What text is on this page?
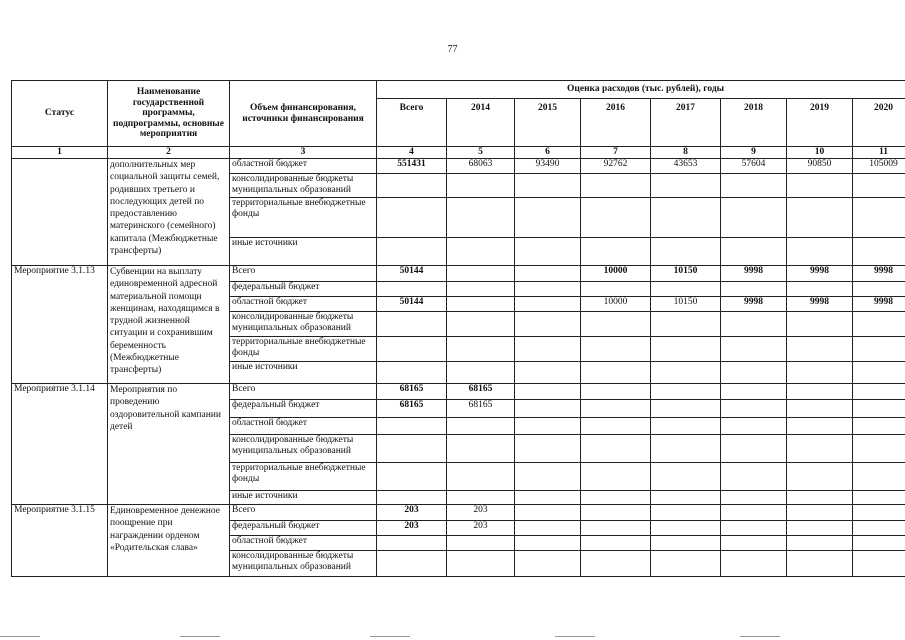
77
Статус	Наименование государственной программы, подпрограммы, основные мероприятия	Объем финансирования, источники финансирования	Оценка расходов (тыс. рублей), годы							
			Всего	2014	2015	2016	2017	2018	2019	2020
1	2	3	4	5	6	7	8	9	10	11
	дополнительных мер социальной защиты семей, родивших третьего и последующих детей по предоставлению материнского (семейного) капитала (Межбюджетные трансферты)	областной бюджет	551431	68063	93490	92762	43653	57604	90850	105009
		консолидированные бюджеты муниципальных образований								
		территориальные внебюджетные фонды								
		иные источники								
Мероприятие 3.1.13	Субвенции на выплату единовременной адресной материальной помощи женщинам, находящимся в трудной жизненной ситуации и сохранившим беременность (Межбюджетные трансферты)	Всего	50144			10000	10150	9998	9998	9998
		федеральный бюджет								
		областной бюджет	50144			10000	10150	9998	9998	9998
		консолидированные бюджеты муниципальных образований								
		территориальные внебюджетные фонды								
		иные источники								
Мероприятие 3.1.14	Мероприятия по проведению оздоровительной кампании детей	Всего	68165	68165						
		федеральный бюджет	68165	68165						
		областной бюджет								
		консолидированные бюджеты муниципальных образований								
		территориальные внебюджетные фонды								
		иные источники								
Мероприятие 3.1.15	Единовременное денежное поощрение при награждении орденом «Родительская слава»	Всего	203	203						
		федеральный бюджет	203	203						
		областной бюджет								
		консолидированные бюджеты муниципальных образований								
